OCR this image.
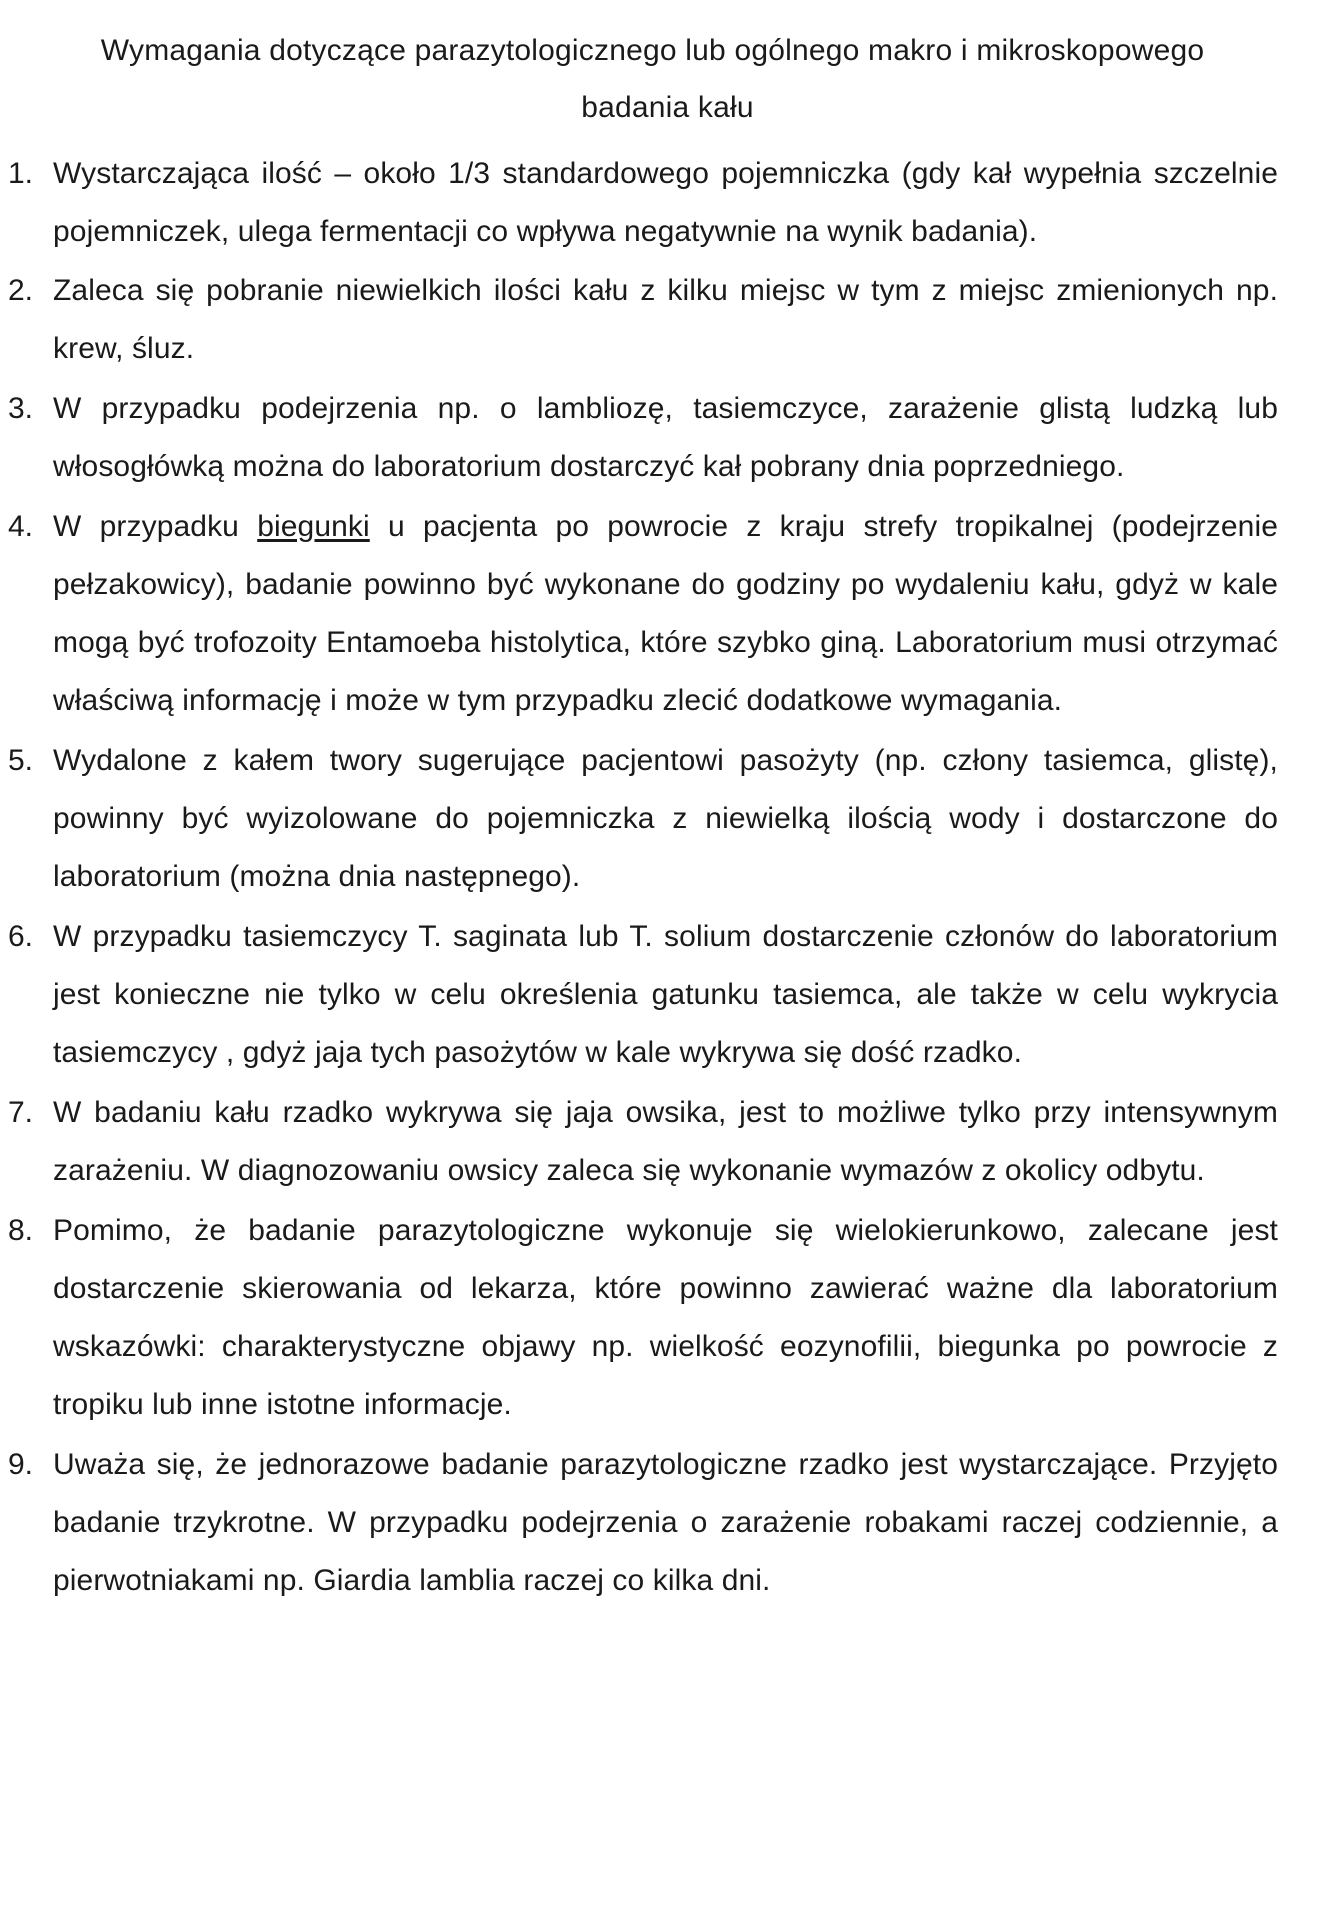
Wymagania dotyczące parazytologicznego lub ogólnego makro i mikroskopowego
badania kału
1. Wystarczająca ilość – około 1/3 standardowego pojemniczka (gdy kał wypełnia szczelnie pojemniczek, ulega fermentacji co wpływa negatywnie na wynik badania).
2. Zaleca się pobranie niewielkich ilości kału z kilku miejsc w tym z miejsc zmienionych np. krew, śluz.
3. W przypadku podejrzenia np. o lambliozę, tasiemczyce, zarażenie glistą ludzką lub włosogłówką można do laboratorium dostarczyć kał pobrany dnia poprzedniego.
4. W przypadku biegunki u pacjenta po powrocie z kraju strefy tropikalnej (podejrzenie pełzakowicy), badanie powinno być wykonane do godziny po wydaleniu kału, gdyż w kale mogą być trofozoity Entamoeba histolytica, które szybko giną. Laboratorium musi otrzymać właściwą informację i może w tym przypadku zlecić dodatkowe wymagania.
5. Wydalone z kałem twory sugerujące pacjentowi pasożyty (np. człony tasiemca, glistę), powinny być wyizolowane do pojemniczka z niewielką ilością wody i dostarczone do laboratorium (można dnia następnego).
6. W przypadku tasiemczycy T. saginata lub T. solium dostarczenie członów do laboratorium jest konieczne nie tylko w celu określenia gatunku tasiemca, ale także w celu wykrycia tasiemczycy , gdyż jaja tych pasożytów w kale wykrywa się dość rzadko.
7. W badaniu kału rzadko wykrywa się jaja owsika, jest to możliwe tylko przy intensywnym zarażeniu. W diagnozowaniu owsicy zaleca się wykonanie wymazów z okolicy odbytu.
8. Pomimo, że badanie parazytologiczne wykonuje się wielokierunkowo, zalecane jest dostarczenie skierowania od lekarza, które powinno zawierać ważne dla laboratorium wskazówki: charakterystyczne objawy np. wielkość eozynofilii, biegunka po powrocie z tropiku lub inne istotne informacje.
9. Uważa się, że jednorazowe badanie parazytologiczne rzadko jest wystarczające. Przyjęto badanie trzykrotne. W przypadku podejrzenia o zarażenie robakami raczej codziennie, a pierwotniakami np. Giardia lamblia raczej co kilka dni.
